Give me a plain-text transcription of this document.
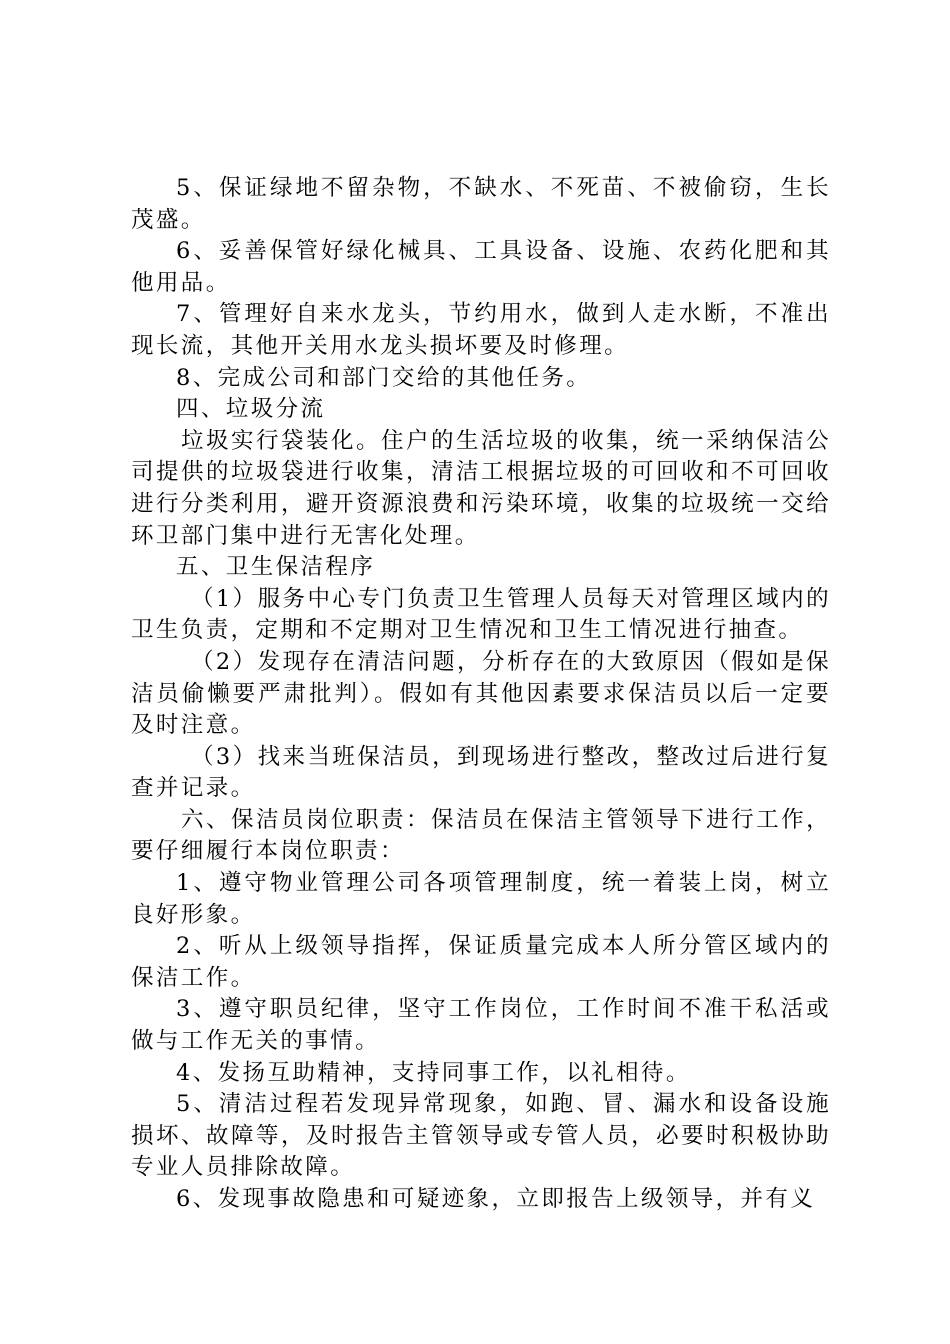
5、保证绿地不留杂物，不缺水、不死苗、不被偷窃，生长茂盛。

6、妥善保管好绿化械具、工具设备、设施、农药化肥和其他用品。

7、管理好自来水龙头，节约用水，做到人走水断，不准出现长流，其他开关用水龙头损坏要及时修理。

8、完成公司和部门交给的其他任务。

四、垃圾分流

垃圾实行袋装化。住户的生活垃圾的收集，统一采纳保洁公司提供的垃圾袋进行收集，清洁工根据垃圾的可回收和不可回收进行分类利用，避开资源浪费和污染环境，收集的垃圾统一交给环卫部门集中进行无害化处理。

五、卫生保洁程序

（1）服务中心专门负责卫生管理人员每天对管理区域内的卫生负责，定期和不定期对卫生情况和卫生工情况进行抽查。

（2）发现存在清洁问题，分析存在的大致原因（假如是保洁员偷懒要严肃批判）。假如有其他因素要求保洁员以后一定要及时注意。

（3）找来当班保洁员，到现场进行整改，整改过后进行复查并记录。

六、保洁员岗位职责：保洁员在保洁主管领导下进行工作，要仔细履行本岗位职责：

1、遵守物业管理公司各项管理制度，统一着装上岗，树立良好形象。

2、听从上级领导指挥，保证质量完成本人所分管区域内的保洁工作。

3、遵守职员纪律，坚守工作岗位，工作时间不准干私活或做与工作无关的事情。

4、发扬互助精神，支持同事工作，以礼相待。

5、清洁过程若发现异常现象，如跑、冒、漏水和设备设施损坏、故障等，及时报告主管领导或专管人员，必要时积极协助专业人员排除故障。

6、发现事故隐患和可疑迹象，立即报告上级领导，并有义
